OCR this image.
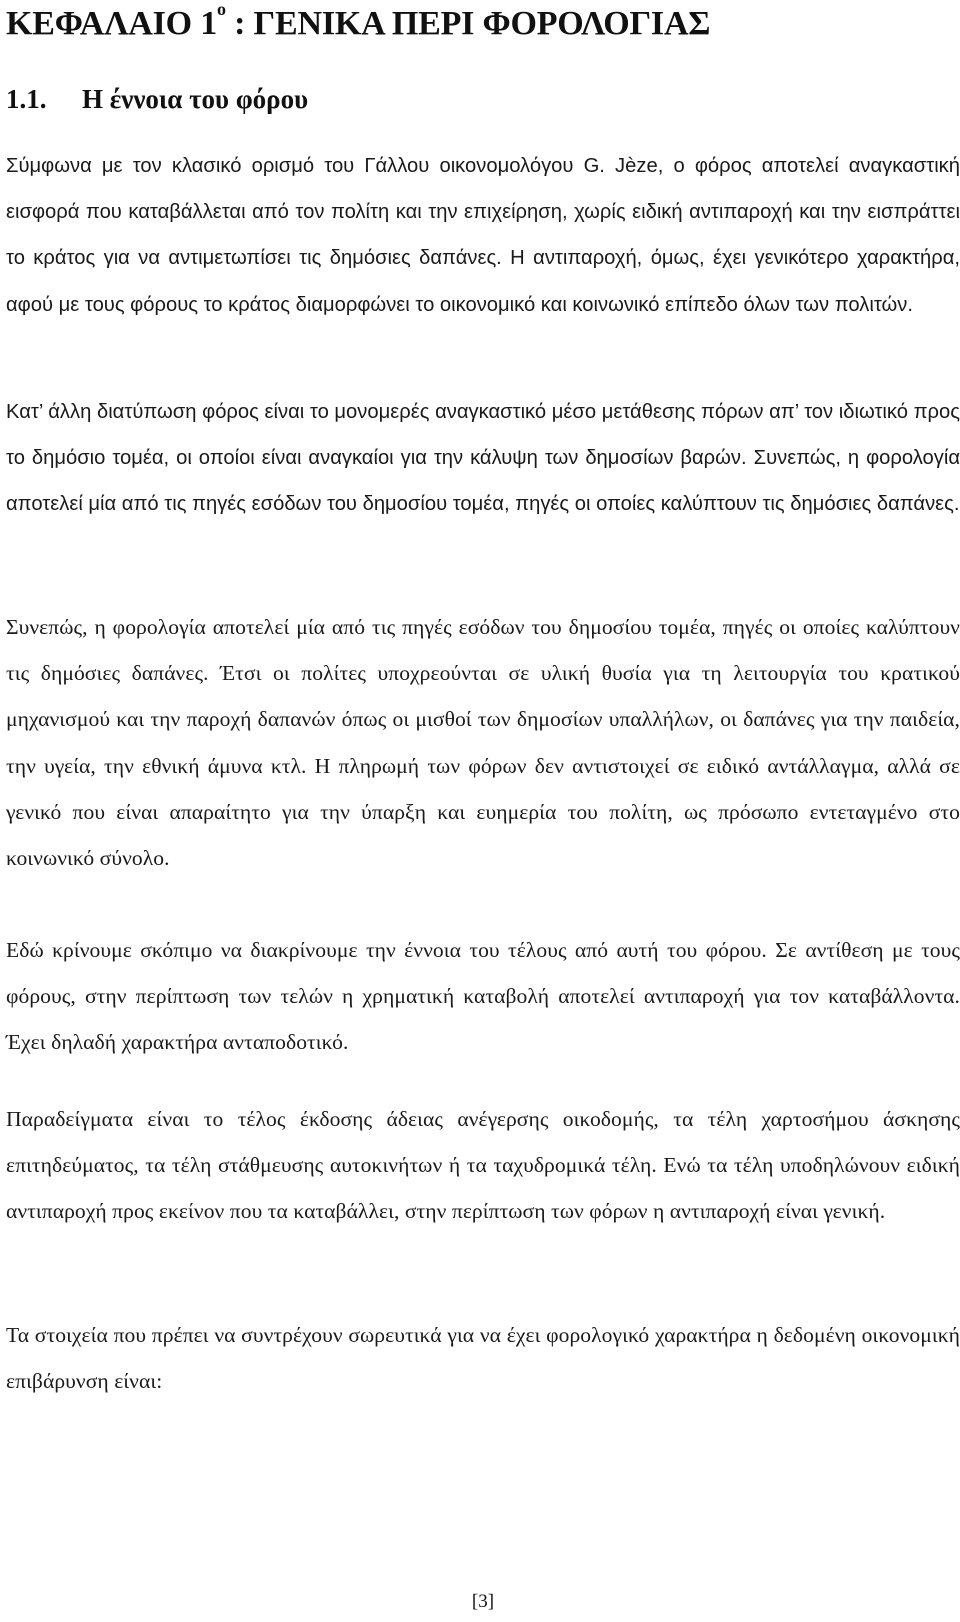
ΚΕΦΑΛΑΙΟ $1^o$ : ΓΕΝΙΚΑ ΠΕΡΙ ΦΟΡΟΛΟΓΙΑΣ
1.1. Η έννοια του φόρου

Σύμφωνα με τον κλασικό ορισμό του Γάλλου οικονομολόγου G. Jèze, ο φόρος αποτελεί αναγκαστική εισφορά που καταβάλλεται από τον πολίτη και την επιχείρηση, χωρίς ειδική αντιπαροχή και την εισπράττει το κράτος για να αντιμετωπίσει τις δημόσιες δαπάνες. Η αντιπαροχή, όμως, έχει γενικότερο χαρακτήρα, αφού με τους φόρους το κράτος διαμορφώνει το οικονομικό και κοινωνικό επίπεδο όλων των πολιτών.

Κατ’ άλλη διατύπωση φόρος είναι το μονομερές αναγκαστικό μέσο μετάθεσης πόρων απ’ τον ιδιωτικό προς το δημόσιο τομέα, οι οποίοι είναι αναγκαίοι για την κάλυψη των δημοσίων βαρών. Συνεπώς, η φορολογία αποτελεί μία από τις πηγές εσόδων του δημοσίου τομέα, πηγές οι οποίες καλύπτουν τις δημόσιες δαπάνες.

Συνεπώς, η φορολογία αποτελεί μία από τις πηγές εσόδων του δημοσίου τομέα, πηγές οι οποίες καλύπτουν τις δημόσιες δαπάνες. Έτσι οι πολίτες υποχρεούνται σε υλική θυσία για τη λειτουργία του κρατικού μηχανισμού και την παροχή δαπανών όπως οι μισθοί των δημοσίων υπαλλήλων, οι δαπάνες για την παιδεία, την υγεία, την εθνική άμυνα κτλ. Η πληρωμή των φόρων δεν αντιστοιχεί σε ειδικό αντάλλαγμα, αλλά σε γενικό που είναι απαραίτητο για την ύπαρξη και ευημερία του πολίτη, ως πρόσωπο εντεταγμένο στο κοινωνικό σύνολο.

Εδώ κρίνουμε σκόπιμο να διακρίνουμε την έννοια του τέλους από αυτή του φόρου. Σε αντίθεση με τους φόρους, στην περίπτωση των τελών η χρηματική καταβολή αποτελεί αντιπαροχή για τον καταβάλλοντα. Έχει δηλαδή χαρακτήρα ανταποδοτικό.

Παραδείγματα είναι το τέλος έκδοσης άδειας ανέγερσης οικοδομής, τα τέλη χαρτοσήμου άσκησης επιτηδεύματος, τα τέλη στάθμευσης αυτοκινήτων ή τα ταχυδρομικά τέλη. Ενώ τα τέλη υποδηλώνουν ειδική αντιπαροχή προς εκείνον που τα καταβάλλει, στην περίπτωση των φόρων η αντιπαροχή είναι γενική.

Τα στοιχεία που πρέπει να συντρέχουν σωρευτικά για να έχει φορολογικό χαρακτήρα η δεδομένη οικονομική επιβάρυνση είναι:

[3]
